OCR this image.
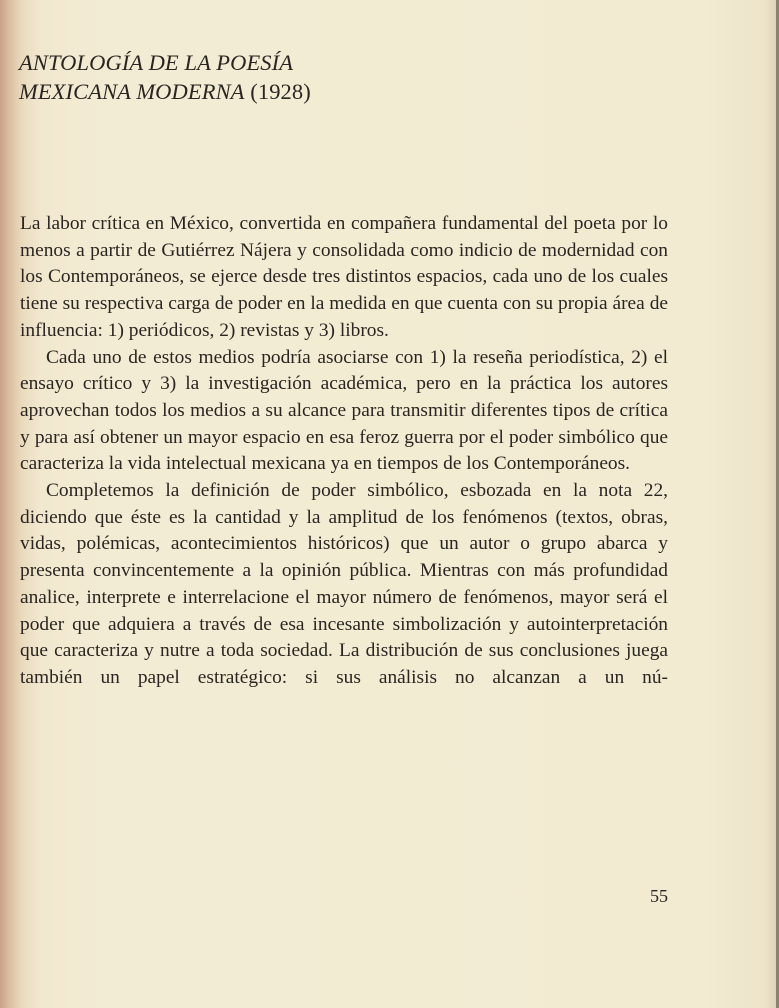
ANTOLOGÍA DE LA POESÍA
MEXICANA MODERNA (1928)

La labor crítica en México, convertida en compañera fundamental del poeta por lo menos a partir de Gutiérrez Nájera y consolidada como indicio de modernidad con los Contemporáneos, se ejerce desde tres distintos espacios, cada uno de los cuales tiene su respectiva carga de poder en la medida en que cuenta con su propia área de influencia: 1) periódicos, 2) revistas y 3) libros.

Cada uno de estos medios podría asociarse con 1) la reseña periodística, 2) el ensayo crítico y 3) la investigación académica, pero en la práctica los autores aprovechan todos los medios a su alcance para transmitir diferentes tipos de crítica y para así obtener un mayor espacio en esa feroz guerra por el poder simbólico que caracteriza la vida intelectual mexicana ya en tiempos de los Contemporáneos.

Completemos la definición de poder simbólico, esbozada en la nota 22, diciendo que éste es la cantidad y la amplitud de los fenómenos (textos, obras, vidas, polémicas, acontecimientos históricos) que un autor o grupo abarca y presenta convincentemente a la opinión pública. Mientras con más profundidad analice, interprete e interrelacione el mayor número de fenómenos, mayor será el poder que adquiera a través de esa incesante simbolización y autointerpretación que caracteriza y nutre a toda sociedad. La distribución de sus conclusiones juega también un papel estratégico: si sus análisis no alcanzan a un nú-

55
